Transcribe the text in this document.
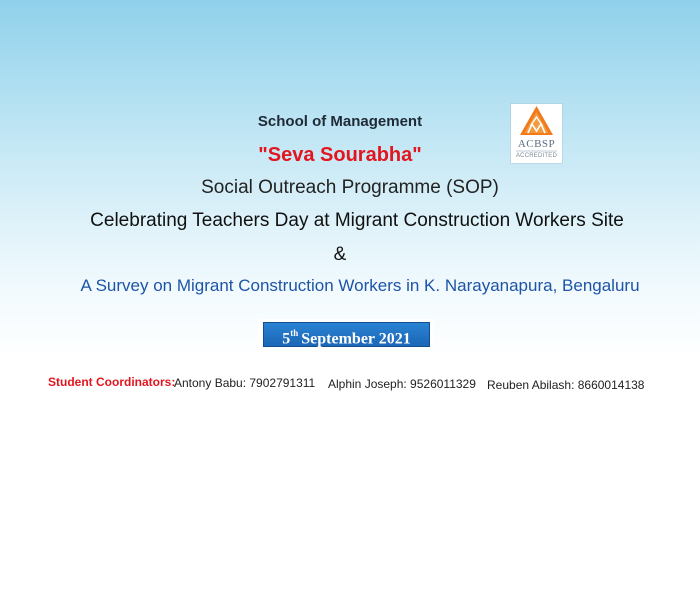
School of Management
"Seva Sourabha"
Social Outreach Programme (SOP)
Celebrating Teachers Day at Migrant Construction Workers Site
&
A Survey on Migrant Construction Workers in K. Narayanapura, Bengaluru
ACBSP
ACCREDITED
5th September 2021
Student Coordinators:
Antony Babu: 7902791311 Alphin Joseph: 9526011329 Reuben Abilash: 8660014138
